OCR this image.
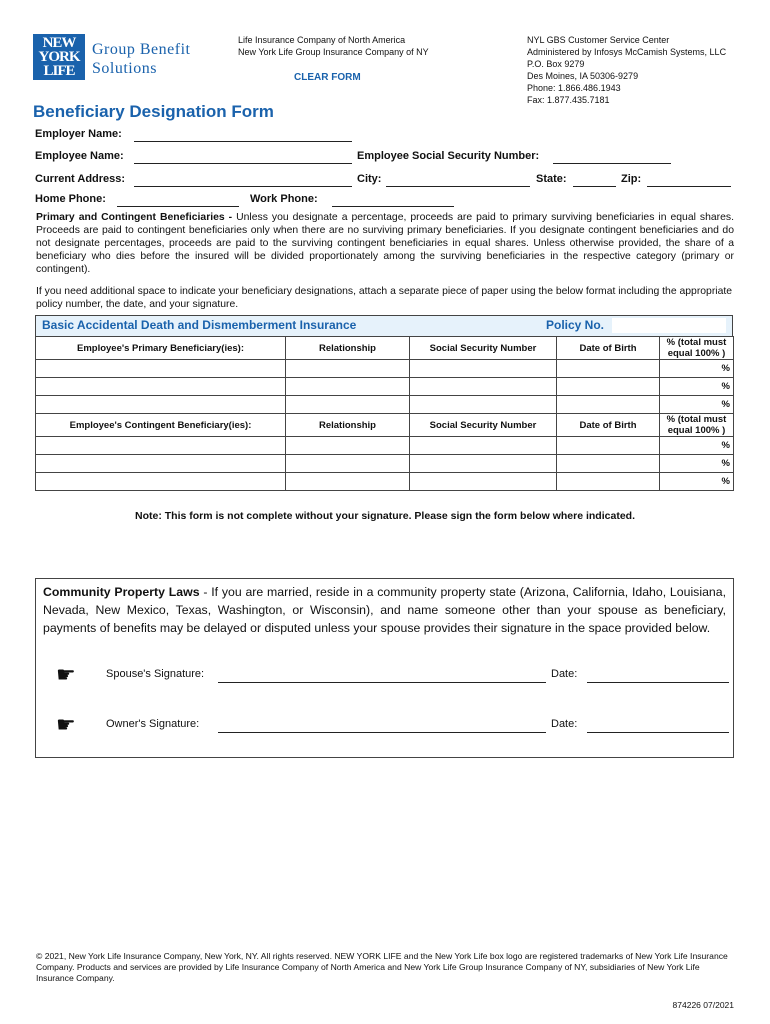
NEW
YORK
LIFE
Group Benefit
Solutions
Life Insurance Company of North America
New York Life Group Insurance Company of NY
CLEAR FORM
NYL GBS Customer Service Center
Administered by Infosys McCamish Systems, LLC
P.O. Box 9279
Des Moines, IA 50306-9279
Phone: 1.866.486.1943
Fax: 1.877.435.7181
Beneficiary Designation Form
Employer Name:
Employee Name:	Employee Social Security Number:
Current Address:	City:	State:	Zip:
Home Phone:	Work Phone:
Primary and Contingent Beneficiaries - Unless you designate a percentage, proceeds are paid to primary surviving beneficiaries in equal shares. Proceeds are paid to contingent beneficiaries only when there are no surviving primary beneficiaries. If you designate contingent beneficiaries and do not designate percentages, proceeds are paid to the surviving contingent beneficiaries in equal shares. Unless otherwise provided, the share of a beneficiary who dies before the insured will be divided proportionately among the surviving beneficiaries in the respective category (primary or contingent).
If you need additional space to indicate your beneficiary designations, attach a separate piece of paper using the below format including the appropriate policy number, the date, and your signature.
Basic Accidental Death and Dismemberment Insurance	Policy No.
Employee's Primary Beneficiary(ies):	Relationship	Social Security Number	Date of Birth	% (total must equal 100% )
				%
				%
				%
Employee's Contingent Beneficiary(ies):	Relationship	Social Security Number	Date of Birth	% (total must equal 100% )
				%
				%
				%
Note: This form is not complete without your signature. Please sign the form below where indicated.
Community Property Laws - If you are married, reside in a community property state (Arizona, California, Idaho, Louisiana, Nevada, New Mexico, Texas, Washington, or Wisconsin), and name someone other than your spouse as beneficiary, payments of benefits may be delayed or disputed unless your spouse provides their signature in the space provided below.
☛	Spouse's Signature:	Date:
☛	Owner's Signature:	Date:
© 2021, New York Life Insurance Company, New York, NY. All rights reserved. NEW YORK LIFE and the New York Life box logo are registered trademarks of New York Life Insurance Company. Products and services are provided by Life Insurance Company of North America and New York Life Group Insurance Company of NY, subsidiaries of New York Life Insurance Company.
874226 07/2021
